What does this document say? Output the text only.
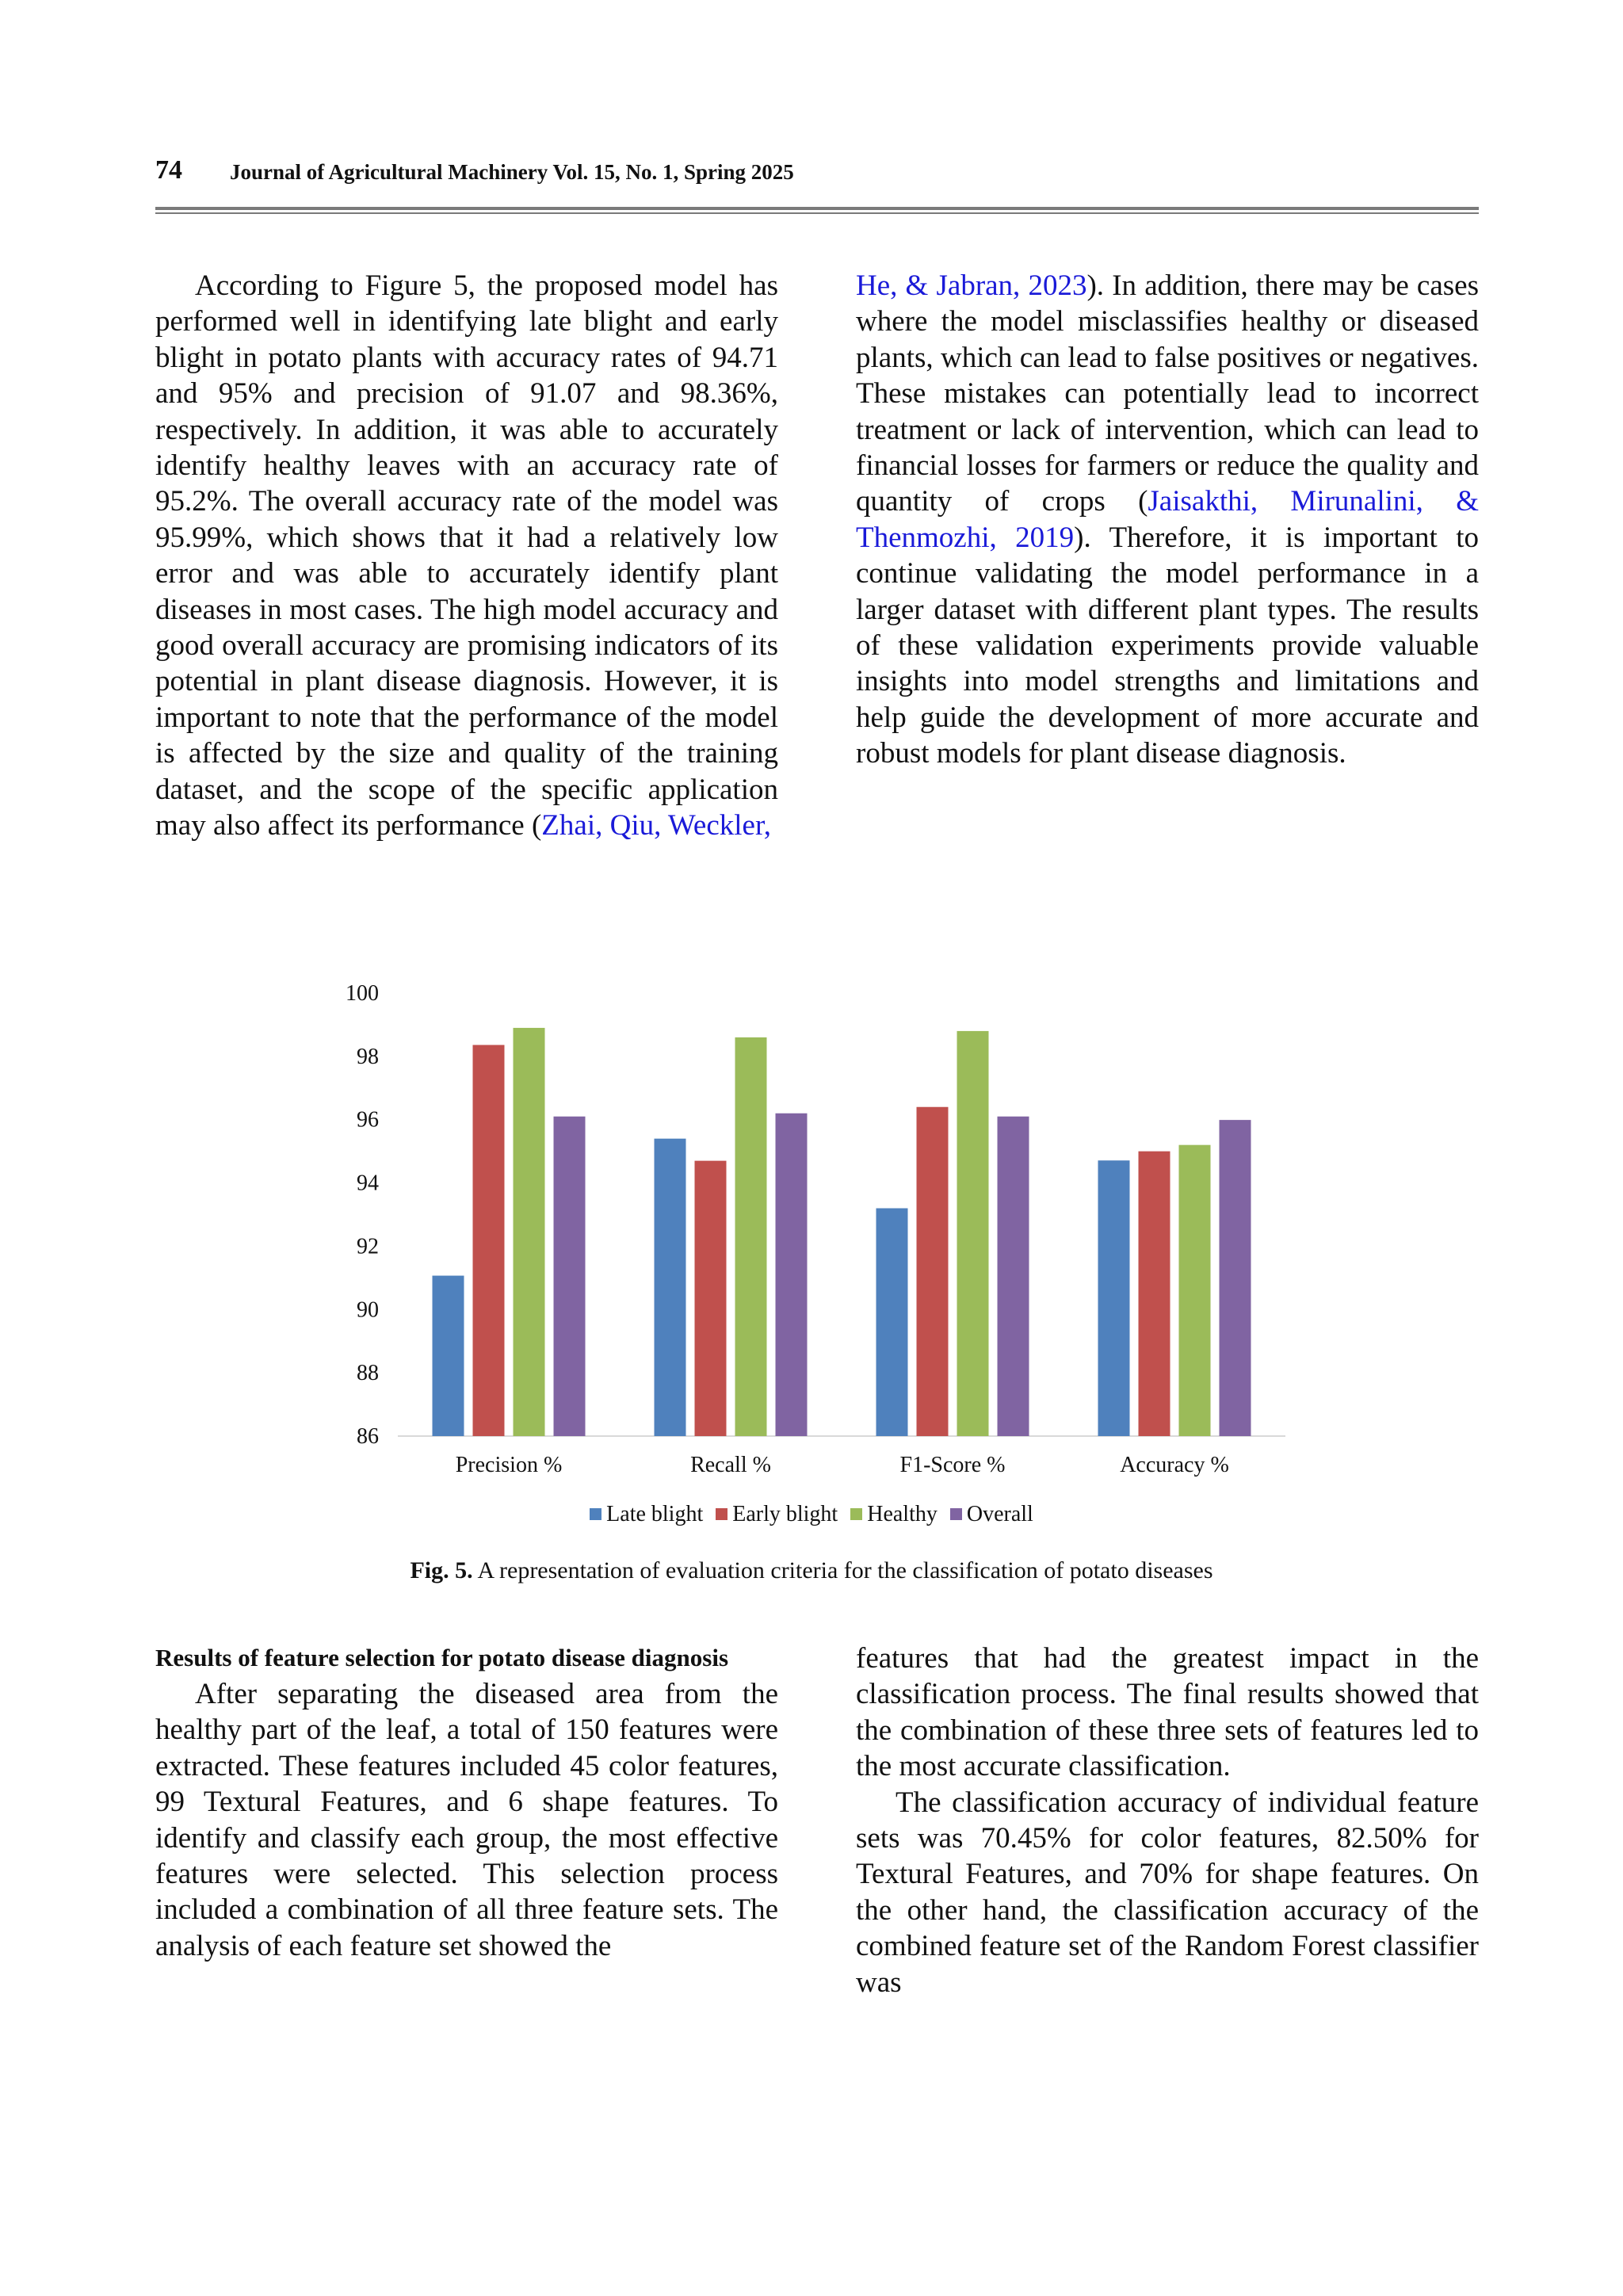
74 Journal of Agricultural Machinery Vol. 15, No. 1, Spring 2025

According to Figure 5, the proposed model has performed well in identifying late blight and early blight in potato plants with accuracy rates of 94.71 and 95% and precision of 91.07 and 98.36%, respectively. In addition, it was able to accurately identify healthy leaves with an accuracy rate of 95.2%. The overall accuracy rate of the model was 95.99%, which shows that it had a relatively low error and was able to accurately identify plant diseases in most cases. The high model accuracy and good overall accuracy are promising indicators of its potential in plant disease diagnosis. However, it is important to note that the performance of the model is affected by the size and quality of the training dataset, and the scope of the specific application may also affect its performance (Zhai, Qiu, Weckler,

He, & Jabran, 2023). In addition, there may be cases where the model misclassifies healthy or diseased plants, which can lead to false positives or negatives. These mistakes can potentially lead to incorrect treatment or lack of intervention, which can lead to financial losses for farmers or reduce the quality and quantity of crops (Jaisakthi, Mirunalini, & Thenmozhi, 2019). Therefore, it is important to continue validating the model performance in a larger dataset with different plant types. The results of these validation experiments provide valuable insights into model strengths and limitations and help guide the development of more accurate and robust models for plant disease diagnosis.

86
88
90
92
94
96
98
100
Precision %	Recall %	F1-Score %	Accuracy %
Late blight Early blight Healthy Overall
Fig. 5. A representation of evaluation criteria for the classification of potato diseases
Results of feature selection for potato disease diagnosis

After separating the diseased area from the healthy part of the leaf, a total of 150 features were extracted. These features included 45 color features, 99 Textural Features, and 6 shape features. To identify and classify each group, the most effective features were selected. This selection process included a combination of all three feature sets. The analysis of each feature set showed the

features that had the greatest impact in the classification process. The final results showed that the combination of these three sets of features led to the most accurate classification.

The classification accuracy of individual feature sets was 70.45% for color features, 82.50% for Textural Features, and 70% for shape features. On the other hand, the classification accuracy of the combined feature set of the Random Forest classifier was
